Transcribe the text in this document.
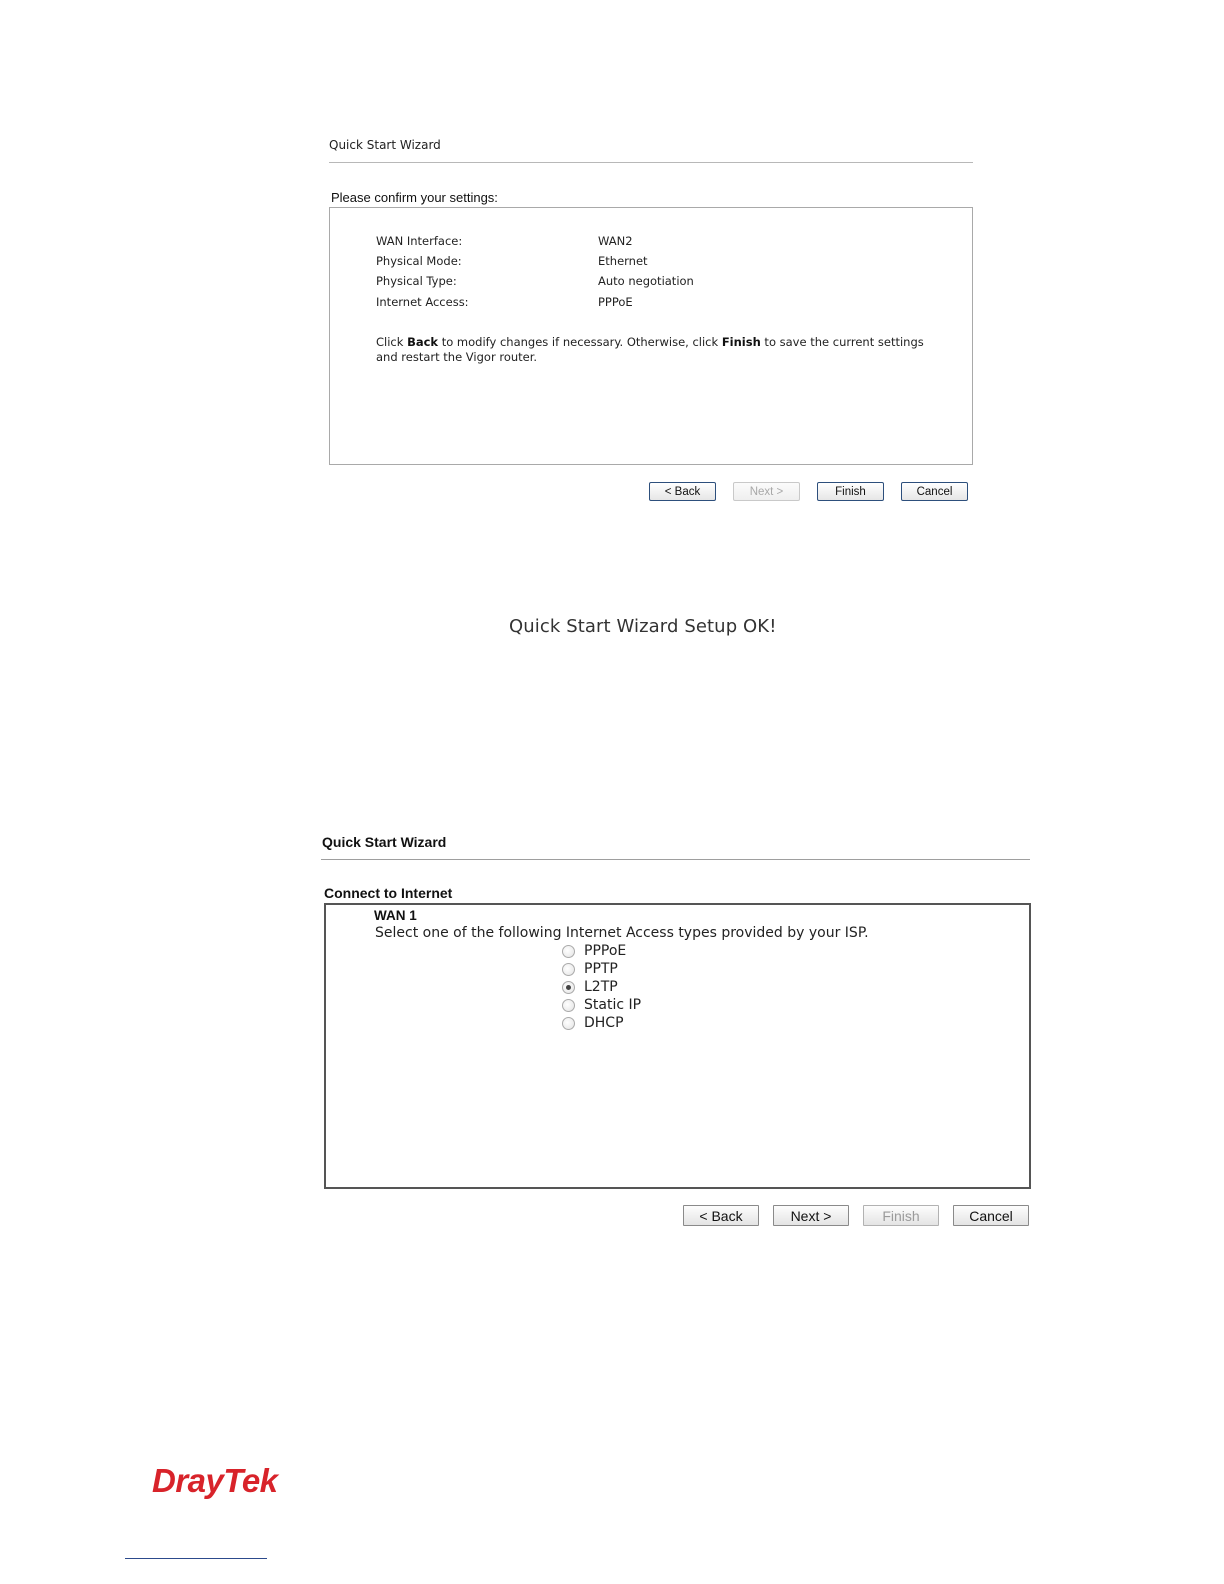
Quick Start Wizard
Please confirm your settings:
WAN Interface:	WAN2
Physical Mode:	Ethernet
Physical Type:	Auto negotiation
Internet Access:	PPPoE
Click Back to modify changes if necessary. Otherwise, click Finish to save the current settings and restart the Vigor router.
< Back	Next >	Finish	Cancel
Quick Start Wizard Setup OK!
Quick Start Wizard
Connect to Internet
WAN 1
Select one of the following Internet Access types provided by your ISP.
PPPoE
PPTP
L2TP
Static IP
DHCP
< Back	Next >	Finish	Cancel
DrayTek
